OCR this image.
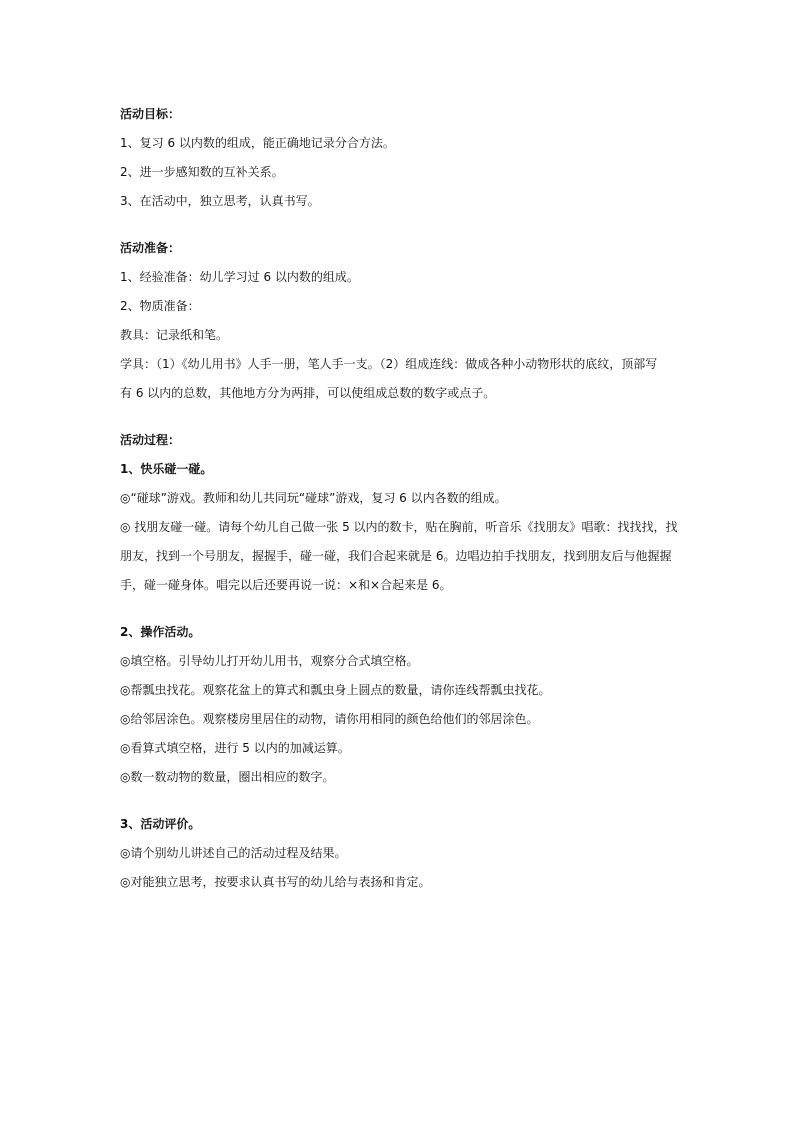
活动目标：
1、复习 6 以内数的组成，能正确地记录分合方法。
2、进一步感知数的互补关系。
3、在活动中，独立思考，认真书写。
活动准备：
1、经验准备：幼儿学习过 6 以内数的组成。
2、物质准备：
教具：记录纸和笔。
学具：（1）《幼儿用书》人手一册，笔人手一支。（2）组成连线：做成各种小动物形状的底纹，顶部写
有 6 以内的总数，其他地方分为两排，可以使组成总数的数字或点子。
活动过程：
1、快乐碰一碰。
◎“碰球”游戏。教师和幼儿共同玩“碰球”游戏，复习 6 以内各数的组成。
◎ 找朋友碰一碰。请每个幼儿自己做一张 5 以内的数卡，贴在胸前，听音乐《找朋友》唱歌：找找找，找
朋友，找到一个号朋友，握握手，碰一碰，我们合起来就是 6。边唱边拍手找朋友，找到朋友后与他握握
手，碰一碰身体。唱完以后还要再说一说：×和×合起来是 6。
2、操作活动。
◎填空格。引导幼儿打开幼儿用书，观察分合式填空格。
◎帮瓢虫找花。观察花盆上的算式和瓢虫身上圆点的数量，请你连线帮瓢虫找花。
◎给邻居涂色。观察楼房里居住的动物，请你用相同的颜色给他们的邻居涂色。
◎看算式填空格，进行 5 以内的加减运算。
◎数一数动物的数量，圈出相应的数字。
3、活动评价。
◎请个别幼儿讲述自己的活动过程及结果。
◎对能独立思考，按要求认真书写的幼儿给与表扬和肯定。
